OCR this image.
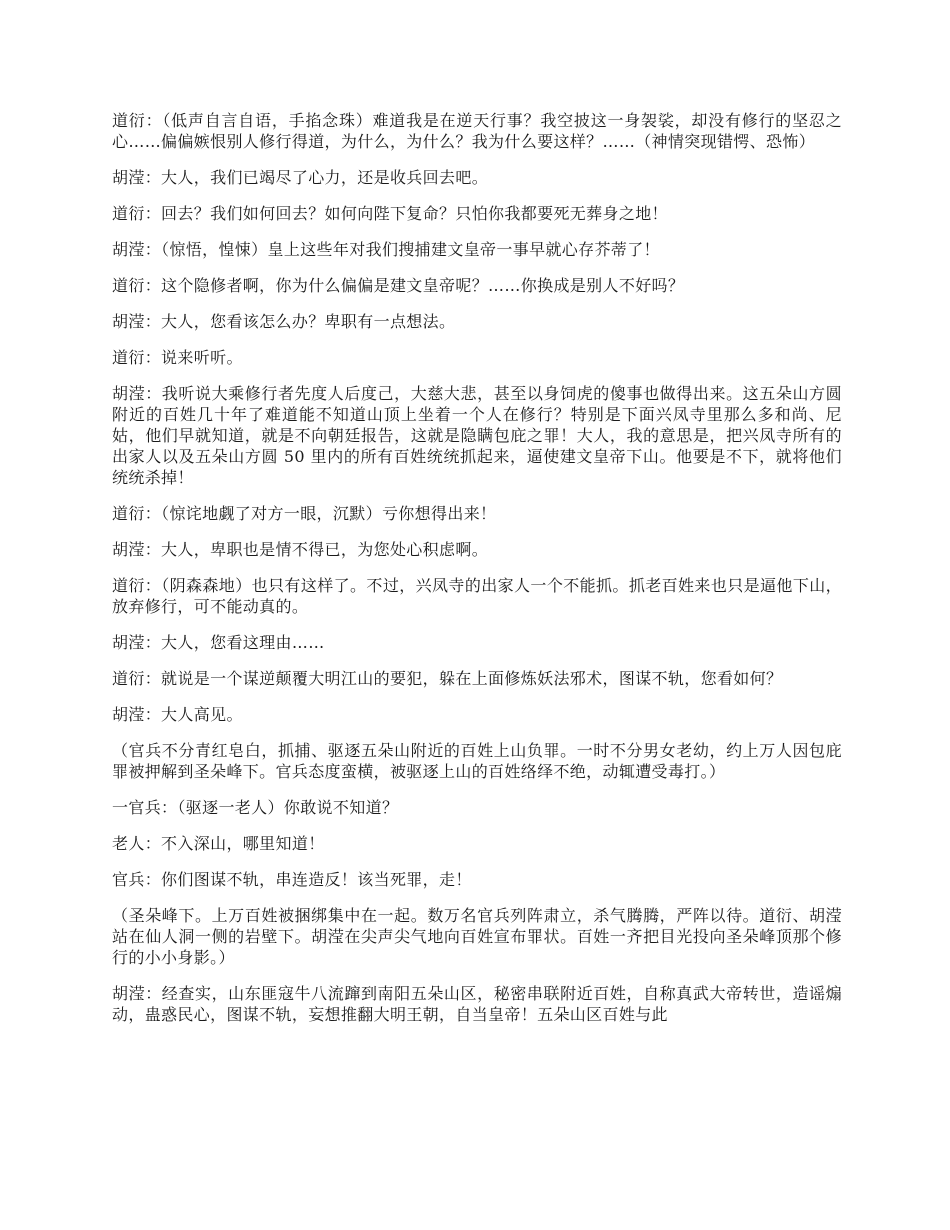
道衍：（低声自言自语，手掐念珠）难道我是在逆天行事？我空披这一身袈裟，却没有修行的坚忍之心……偏偏嫉恨别人修行得道，为什么，为什么？我为什么要这样？……（神情突现错愕、恐怖）

胡滢：大人，我们已竭尽了心力，还是收兵回去吧。

道衍：回去？我们如何回去？如何向陛下复命？只怕你我都要死无葬身之地！

胡滢：（惊悟，惶悚）皇上这些年对我们搜捕建文皇帝一事早就心存芥蒂了！

道衍：这个隐修者啊，你为什么偏偏是建文皇帝呢？……你换成是别人不好吗？

胡滢：大人，您看该怎么办？卑职有一点想法。

道衍：说来听听。

胡滢：我听说大乘修行者先度人后度己，大慈大悲，甚至以身饲虎的傻事也做得出来。这五朵山方圆附近的百姓几十年了难道能不知道山顶上坐着一个人在修行？特别是下面兴凤寺里那么多和尚、尼姑，他们早就知道，就是不向朝廷报告，这就是隐瞒包庇之罪！大人，我的意思是，把兴凤寺所有的出家人以及五朵山方圆 50 里内的所有百姓统统抓起来，逼使建文皇帝下山。他要是不下，就将他们统统杀掉！

道衍：（惊诧地觑了对方一眼，沉默）亏你想得出来！

胡滢：大人，卑职也是情不得已，为您处心积虑啊。

道衍：（阴森森地）也只有这样了。不过，兴凤寺的出家人一个不能抓。抓老百姓来也只是逼他下山，放弃修行，可不能动真的。

胡滢：大人，您看这理由……

道衍：就说是一个谋逆颠覆大明江山的要犯，躲在上面修炼妖法邪术，图谋不轨，您看如何？

胡滢：大人高见。

（官兵不分青红皂白，抓捕、驱逐五朵山附近的百姓上山负罪。一时不分男女老幼，约上万人因包庇罪被押解到圣朵峰下。官兵态度蛮横，被驱逐上山的百姓络绎不绝，动辄遭受毒打。）

一官兵：（驱逐一老人）你敢说不知道？

老人：不入深山，哪里知道！

官兵：你们图谋不轨，串连造反！该当死罪，走！

（圣朵峰下。上万百姓被捆绑集中在一起。数万名官兵列阵肃立，杀气腾腾，严阵以待。道衍、胡滢站在仙人洞一侧的岩壁下。胡滢在尖声尖气地向百姓宣布罪状。百姓一齐把目光投向圣朵峰顶那个修行的小小身影。）

胡滢：经查实，山东匪寇牛八流蹿到南阳五朵山区，秘密串联附近百姓，自称真武大帝转世，造谣煽动，蛊惑民心，图谋不轨，妄想推翻大明王朝，自当皇帝！五朵山区百姓与此
